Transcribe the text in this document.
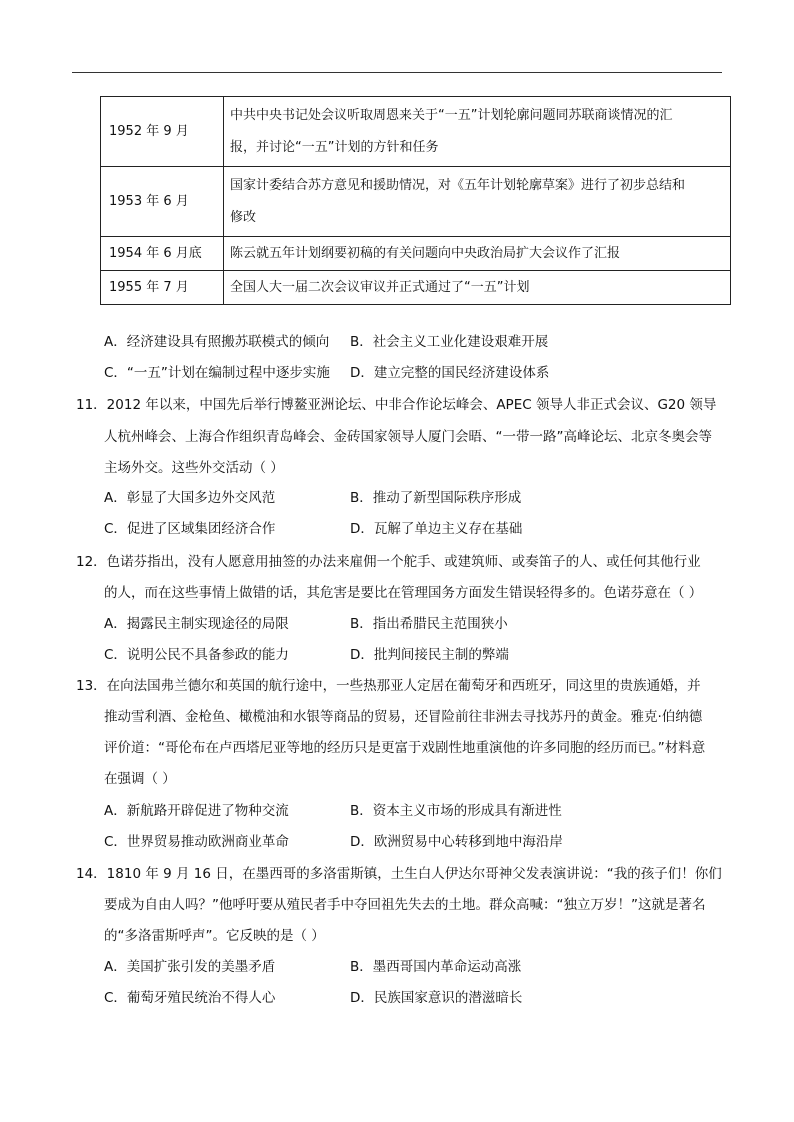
1952 年 9 月	中共中央书记处会议听取周恩来关于“一五”计划轮廓问题同苏联商谈情况的汇
报，并讨论“一五”计划的方针和任务

1953 年 6 月	国家计委结合苏方意见和援助情况，对《五年计划轮廓草案》进行了初步总结和
修改

1954 年 6 月底	陈云就五年计划纲要初稿的有关问题向中央政治局扩大会议作了汇报

1955 年 7 月	全国人大一届二次会议审议并正式通过了“一五”计划
A．经济建设具有照搬苏联模式的倾向 B．社会主义工业化建设艰难开展
C．“一五”计划在编制过程中逐步实施 D．建立完整的国民经济建设体系
11．2012 年以来，中国先后举行博鳌亚洲论坛、中非合作论坛峰会、APEC 领导人非正式会议、G20 领导
人杭州峰会、上海合作组织青岛峰会、金砖国家领导人厦门会晤、“一带一路”高峰论坛、北京冬奥会等
主场外交。这些外交活动（ ）
A．彰显了大国多边外交风范	B．推动了新型国际秩序形成
C．促进了区域集团经济合作	D．瓦解了单边主义存在基础
12．色诺芬指出，没有人愿意用抽签的办法来雇佣一个舵手、或建筑师、或奏笛子的人、或任何其他行业
的人，而在这些事情上做错的话，其危害是要比在管理国务方面发生错误轻得多的。色诺芬意在（ ）
A．揭露民主制实现途径的局限	B．指出希腊民主范围狭小
C．说明公民不具备参政的能力	D．批判间接民主制的弊端
13．在向法国弗兰德尔和英国的航行途中，一些热那亚人定居在葡萄牙和西班牙，同这里的贵族通婚，并
推动雪利酒、金枪鱼、橄榄油和水银等商品的贸易，还冒险前往非洲去寻找苏丹的黄金。雅克·伯纳德
评价道：“哥伦布在卢西塔尼亚等地的经历只是更富于戏剧性地重演他的许多同胞的经历而已。”材料意
在强调（ ）
A．新航路开辟促进了物种交流	B．资本主义市场的形成具有渐进性
C．世界贸易推动欧洲商业革命	D．欧洲贸易中心转移到地中海沿岸
14．1810 年 9 月 16 日，在墨西哥的多洛雷斯镇，土生白人伊达尔哥神父发表演讲说：“我的孩子们！你们
要成为自由人吗？”他呼吁要从殖民者手中夺回祖先失去的土地。群众高喊：“独立万岁！”这就是著名
的“多洛雷斯呼声”。它反映的是（ ）
A．美国扩张引发的美墨矛盾	B．墨西哥国内革命运动高涨
C．葡萄牙殖民统治不得人心	D．民族国家意识的潜滋暗长
